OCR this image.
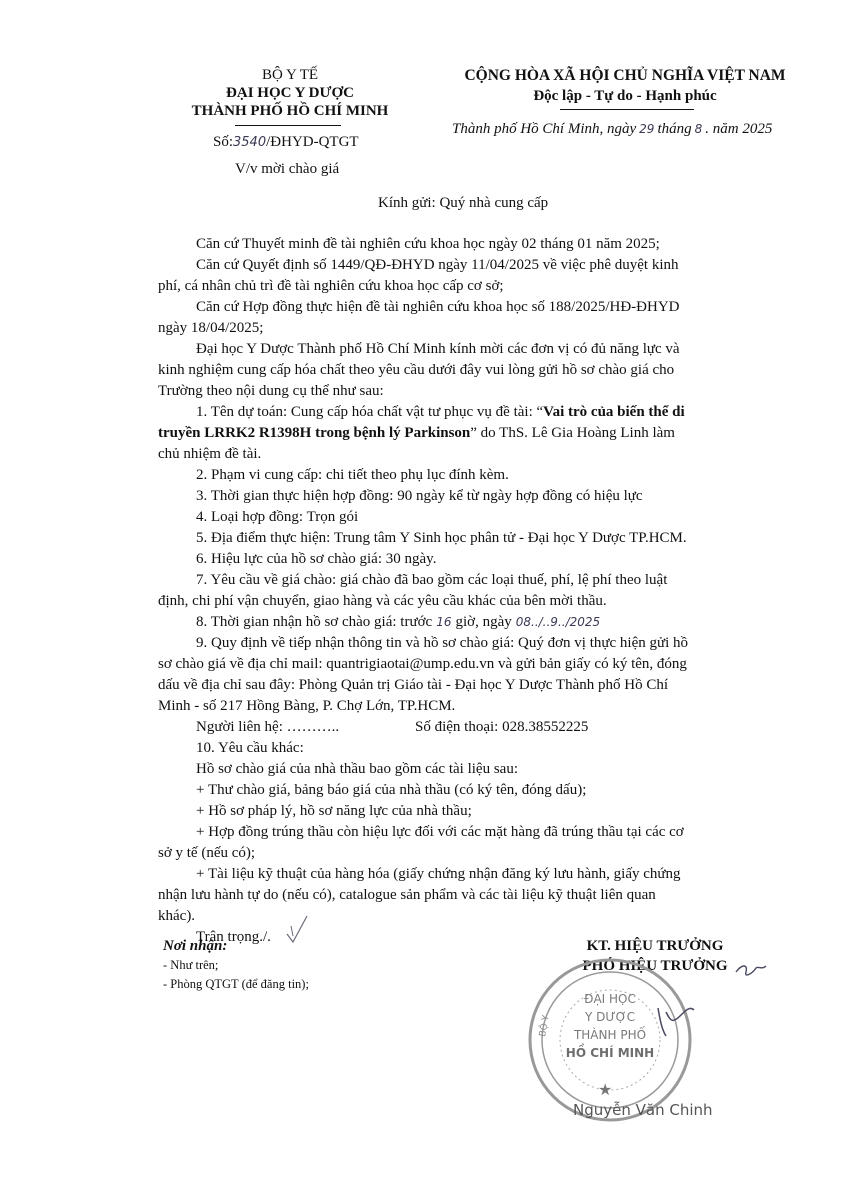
BỘ Y TẾ
ĐẠI HỌC Y DƯỢC
THÀNH PHỐ HỒ CHÍ MINH
Số:3540/ĐHYD-QTGT
V/v mời chào giá
CỘNG HÒA XÃ HỘI CHỦ NGHĨA VIỆT NAM
Độc lập - Tự do - Hạnh phúc
Thành phố Hồ Chí Minh, ngày 29 tháng 8 . năm 2025
Kính gửi: Quý nhà cung cấp
Căn cứ Thuyết minh đề tài nghiên cứu khoa học ngày 02 tháng 01 năm 2025;
Căn cứ Quyết định số 1449/QĐ-ĐHYD ngày 11/04/2025 về việc phê duyệt kinh
phí, cá nhân chủ trì đề tài nghiên cứu khoa học cấp cơ sở;
Căn cứ Hợp đồng thực hiện đề tài nghiên cứu khoa học số 188/2025/HĐ-ĐHYD
ngày 18/04/2025;
Đại học Y Dược Thành phố Hồ Chí Minh kính mời các đơn vị có đủ năng lực và
kinh nghiệm cung cấp hóa chất theo yêu cầu dưới đây vui lòng gửi hồ sơ chào giá cho
Trường theo nội dung cụ thể như sau:
1. Tên dự toán: Cung cấp hóa chất vật tư phục vụ đề tài: “Vai trò của biến thể di
truyền LRRK2 R1398H trong bệnh lý Parkinson” do ThS. Lê Gia Hoàng Linh làm
chủ nhiệm đề tài.
2. Phạm vi cung cấp: chi tiết theo phụ lục đính kèm.
3. Thời gian thực hiện hợp đồng: 90 ngày kể từ ngày hợp đồng có hiệu lực
4. Loại hợp đồng: Trọn gói
5. Địa điểm thực hiện: Trung tâm Y Sinh học phân tử - Đại học Y Dược TP.HCM.
6. Hiệu lực của hồ sơ chào giá: 30 ngày.
7. Yêu cầu về giá chào: giá chào đã bao gồm các loại thuế, phí, lệ phí theo luật
định, chi phí vận chuyển, giao hàng và các yêu cầu khác của bên mời thầu.
8. Thời gian nhận hồ sơ chào giá: trước 16 giờ, ngày 08../..9../2025
9. Quy định về tiếp nhận thông tin và hồ sơ chào giá: Quý đơn vị thực hiện gửi hồ
sơ chào giá về địa chỉ mail: quantrigiaotai@ump.edu.vn và gửi bản giấy có ký tên, đóng
dấu về địa chỉ sau đây: Phòng Quản trị Giáo tài - Đại học Y Dược Thành phố Hồ Chí
Minh - số 217 Hồng Bàng, P. Chợ Lớn, TP.HCM.
Người liên hệ: ………..	Số điện thoại: 028.38552225
10. Yêu cầu khác:
Hồ sơ chào giá của nhà thầu bao gồm các tài liệu sau:
+ Thư chào giá, bảng báo giá của nhà thầu (có ký tên, đóng dấu);
+ Hồ sơ pháp lý, hồ sơ năng lực của nhà thầu;
+ Hợp đồng trúng thầu còn hiệu lực đối với các mặt hàng đã trúng thầu tại các cơ
sở y tế (nếu có);
+ Tài liệu kỹ thuật của hàng hóa (giấy chứng nhận đăng ký lưu hành, giấy chứng
nhận lưu hành tự do (nếu có), catalogue sản phẩm và các tài liệu kỹ thuật liên quan
khác).
Trân trọng./.
Nơi nhận:
- Như trên;
- Phòng QTGT (để đăng tin);
KT. HIỆU TRƯỞNG
PHÓ HIỆU TRƯỞNG
ĐẠI HỌC
Y DƯỢC
THÀNH PHỐ
HỒ CHÍ MINH
BỘ Y
★
Nguyễn Văn Chinh
